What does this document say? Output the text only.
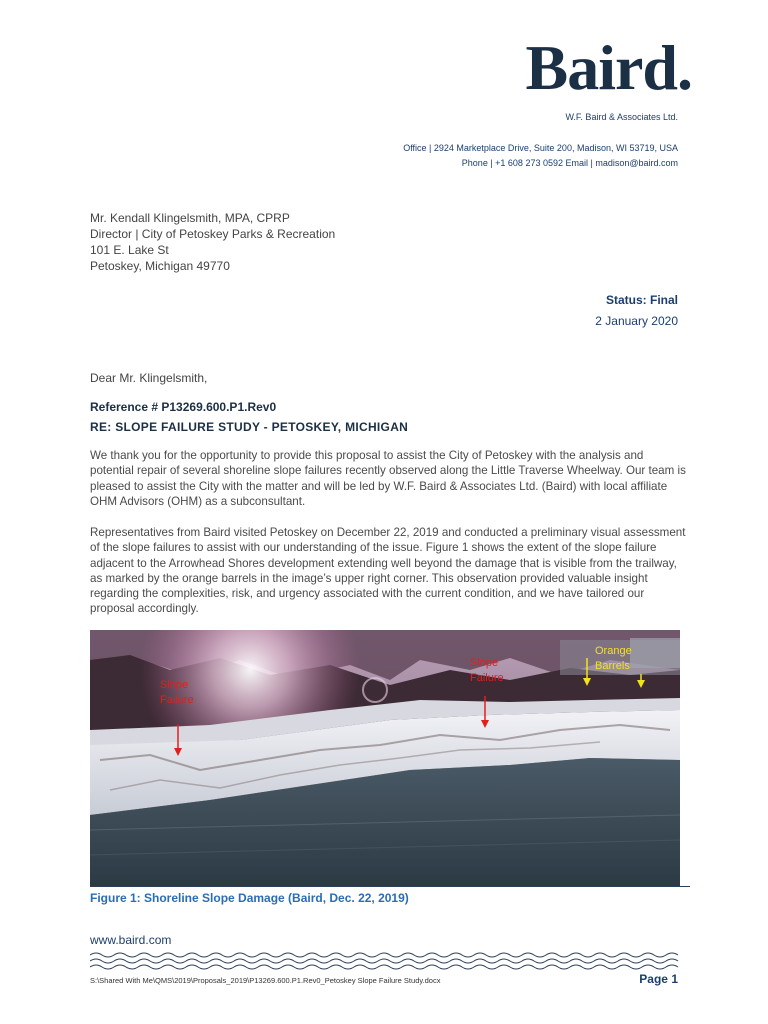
Baird.
W.F. Baird & Associates Ltd.
Office | 2924 Marketplace Drive, Suite 200, Madison, WI 53719, USA
Phone | +1 608 273 0592 Email | madison@baird.com
Mr. Kendall Klingelsmith, MPA, CPRP
Director | City of Petoskey Parks & Recreation
101 E. Lake St
Petoskey, Michigan 49770
Status: Final
2 January 2020
Dear Mr. Klingelsmith,
Reference # P13269.600.P1.Rev0
RE: SLOPE FAILURE STUDY - PETOSKEY, MICHIGAN

We thank you for the opportunity to provide this proposal to assist the City of Petoskey with the analysis and potential repair of several shoreline slope failures recently observed along the Little Traverse Wheelway. Our team is pleased to assist the City with the matter and will be led by W.F. Baird & Associates Ltd. (Baird) with local affiliate OHM Advisors (OHM) as a subconsultant.

Representatives from Baird visited Petoskey on December 22, 2019 and conducted a preliminary visual assessment of the slope failures to assist with our understanding of the issue. Figure 1 shows the extent of the slope failure adjacent to the Arrowhead Shores development extending well beyond the damage that is visible from the trailway, as marked by the orange barrels in the image’s upper right corner. This observation provided valuable insight regarding the complexities, risk, and urgency associated with the current condition, and we have tailored our proposal accordingly.

Slope
Failure
Slope
Failure
Orange
Barrels
Figure 1: Shoreline Slope Damage (Baird, Dec. 22, 2019)
www.baird.com
S:\Shared With Me\QMS\2019\Proposals_2019\P13269.600.P1.Rev0_Petoskey Slope Failure Study.docx	Page 1
